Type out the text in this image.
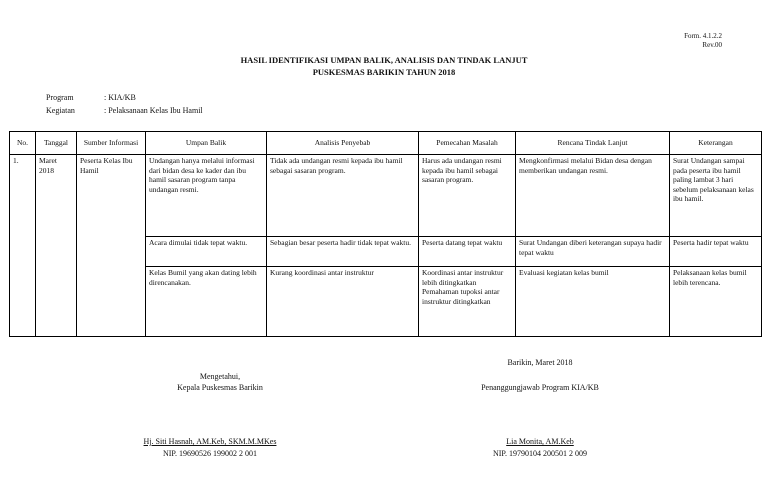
Form. 4.1.2.2
Rev.00
HASIL IDENTIFIKASI UMPAN BALIK, ANALISIS DAN TINDAK LANJUT
PUSKESMAS BARIKIN TAHUN 2018
Program	: KIA/KB
Kegiatan	: Pelaksanaan Kelas Ibu Hamil
No.	Tanggal	Sumber Informasi	Umpan Balik	Analisis Penyebab	Pemecahan Masalah	Rencana Tindak Lanjut	Keterangan
1.	Maret 2018	Peserta Kelas Ibu Hamil	Undangan hanya melalui informasi dari bidan desa ke kader dan ibu hamil sasaran program tanpa undangan resmi.	Tidak ada undangan resmi kepada ibu hamil sebagai sasaran program.	Harus ada undangan resmi kepada ibu hamil sebagai sasaran program.	Mengkonfirmasi melalui Bidan desa dengan memberikan undangan resmi.	Surat Undangan sampai pada peserta ibu hamil paling lambat 3 hari sebelum pelaksanaan kelas ibu hamil.
			Acara dimulai tidak tepat waktu.	Sebagian besar peserta hadir tidak tepat waktu.	Peserta datang tepat waktu	Surat Undangan diberi keterangan supaya hadir tepat waktu	Peserta hadir tepat waktu
			Kelas Bumil yang akan dating lebih direncanakan.	Kurang koordinasi antar instruktur	Koordinasi antar instruktur lebih ditingkatkan Pemahaman tupoksi antar instruktur ditingkatkan	Evaluasi kegiatan kelas bumil	Pelaksanaan kelas bumil lebih terencana.
Mengetahui,
Kepala Puskesmas Barikin
Hj. Siti Hasnah, AM.Keb, SKM.M.MKes
NIP. 19690526 199002 2 001
Barikin, Maret 2018
Penanggungjawab Program KIA/KB
Lia Monita, AM.Keb
NIP. 19790104 200501 2 009
